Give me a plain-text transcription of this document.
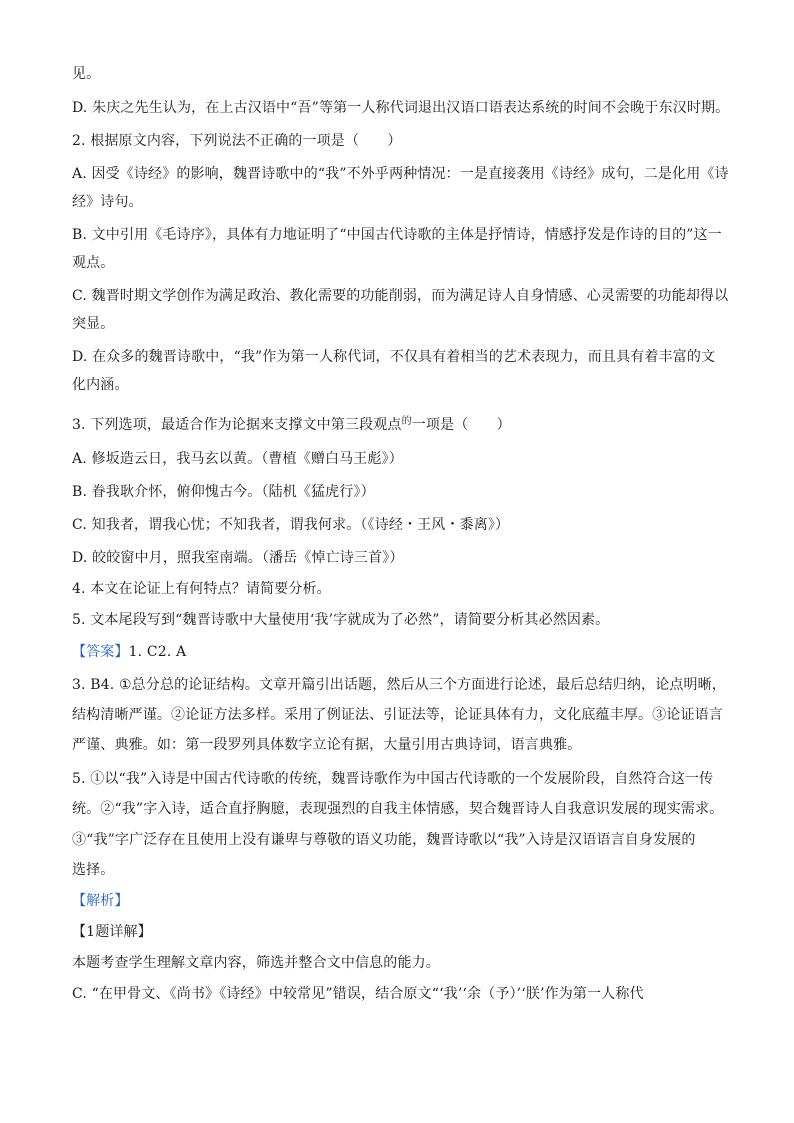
见。
D. 朱庆之先生认为，在上古汉语中“吾”等第一人称代词退出汉语口语表达系统的时间不会晚于东汉时期。
2. 根据原文内容，下列说法不正确的一项是（　　）
A. 因受《诗经》的影响，魏晋诗歌中的“我”不外乎两种情况：一是直接袭用《诗经》成句，二是化用《诗
经》诗句。
B. 文中引用《毛诗序》，具体有力地证明了“中国古代诗歌的主体是抒情诗，情感抒发是作诗的目的”这一
观点。
C. 魏晋时期文学创作为满足政治、教化需要的功能削弱，而为满足诗人自身情感、心灵需要的功能却得以
突显。
D. 在众多的魏晋诗歌中，“我”作为第一人称代词，不仅具有着相当的艺术表现力，而且具有着丰富的文
化内涵。
3. 下列选项，最适合作为论据来支撑文中第三段观点$^的$一项是（　　）
A. 修坂造云日，我马玄以黄。（曹植《赠白马王彪》）
B. 眷我耿介怀，俯仰愧古今。（陆机《猛虎行》）
C. 知我者，谓我心忧；不知我者，谓我何求。（《诗经・王风・黍离》）
D. 皎皎窗中月，照我室南端。（潘岳《悼亡诗三首》）
4. 本文在论证上有何特点？请简要分析。
5. 文本尾段写到“魏晋诗歌中大量使用‘我’字就成为了必然”，请简要分析其必然因素。
【答案】1. C2. A
3. B4. ①总分总的论证结构。文章开篇引出话题，然后从三个方面进行论述，最后总结归纳，论点明晰，
结构清晰严谨。②论证方法多样。采用了例证法、引证法等，论证具体有力，文化底蕴丰厚。③论证语言
严谨、典雅。如：第一段罗列具体数字立论有据，大量引用古典诗词，语言典雅。
5. ①以“我”入诗是中国古代诗歌的传统，魏晋诗歌作为中国古代诗歌的一个发展阶段，自然符合这一传
统。②“我”字入诗，适合直抒胸臆，表现强烈的自我主体情感，契合魏晋诗人自我意识发展的现实需求。
③“我”字广泛存在且使用上没有谦卑与尊敬的语义功能，魏晋诗歌以“我”入诗是汉语语言自身发展的
选择。
【解析】
【1题详解】
本题考查学生理解文章内容，筛选并整合文中信息的能力。
C. “在甲骨文、《尚书》《诗经》中较常见”错误，结合原文“‘我’‘余（予）’‘朕’作为第一人称代
